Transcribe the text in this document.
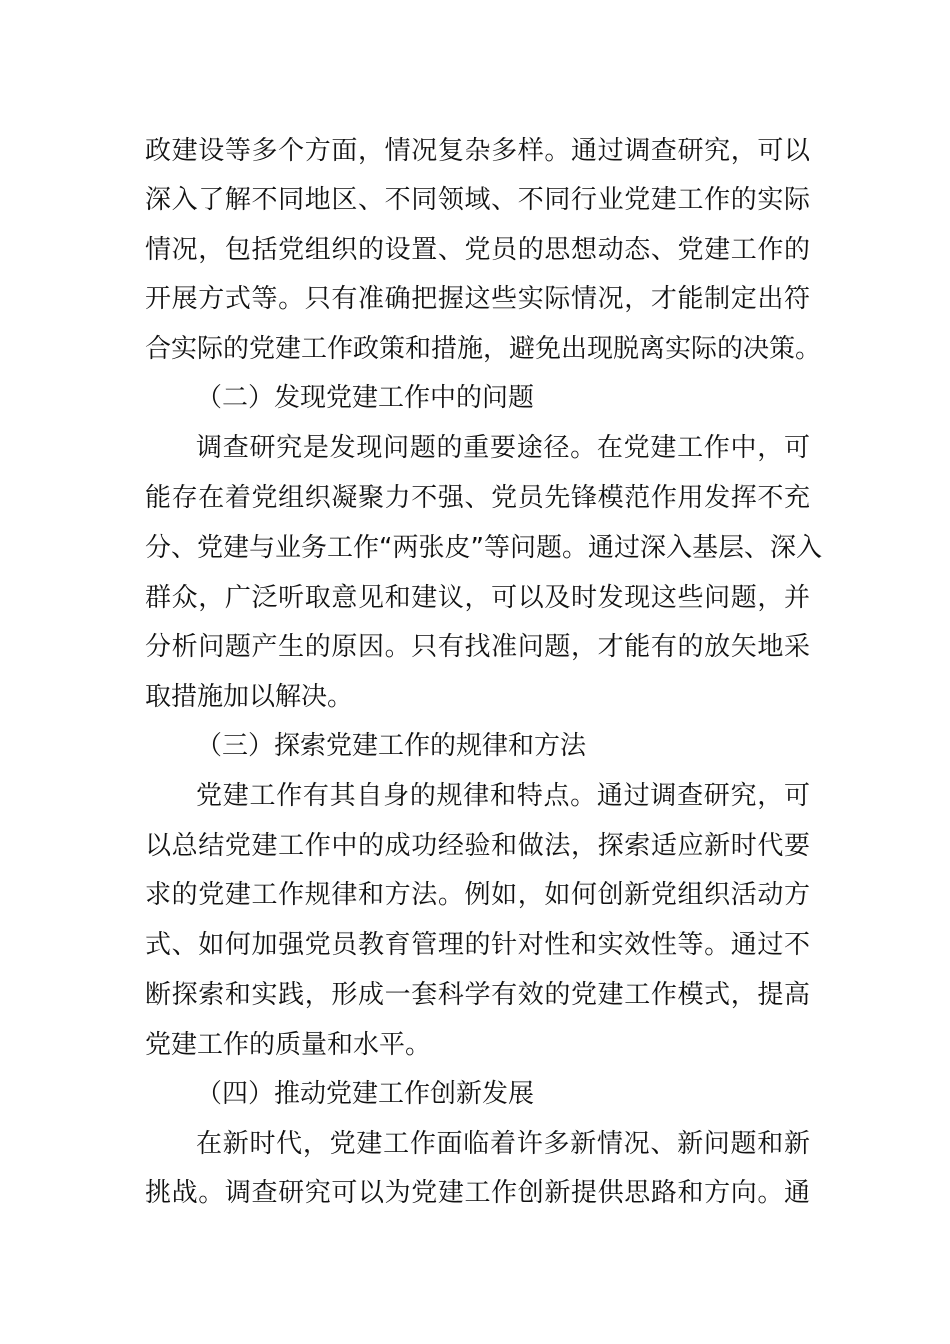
政建设等多个方面，情况复杂多样。通过调查研究，可以
深入了解不同地区、不同领域、不同行业党建工作的实际
情况，包括党组织的设置、党员的思想动态、党建工作的
开展方式等。只有准确把握这些实际情况，才能制定出符
合实际的党建工作政策和措施，避免出现脱离实际的决策。
（二）发现党建工作中的问题
调查研究是发现问题的重要途径。在党建工作中，可
能存在着党组织凝聚力不强、党员先锋模范作用发挥不充
分、党建与业务工作“两张皮”等问题。通过深入基层、深入
群众，广泛听取意见和建议，可以及时发现这些问题，并
分析问题产生的原因。只有找准问题，才能有的放矢地采
取措施加以解决。
（三）探索党建工作的规律和方法
党建工作有其自身的规律和特点。通过调查研究，可
以总结党建工作中的成功经验和做法，探索适应新时代要
求的党建工作规律和方法。例如，如何创新党组织活动方
式、如何加强党员教育管理的针对性和实效性等。通过不
断探索和实践，形成一套科学有效的党建工作模式，提高
党建工作的质量和水平。
（四）推动党建工作创新发展
在新时代，党建工作面临着许多新情况、新问题和新
挑战。调查研究可以为党建工作创新提供思路和方向。通
